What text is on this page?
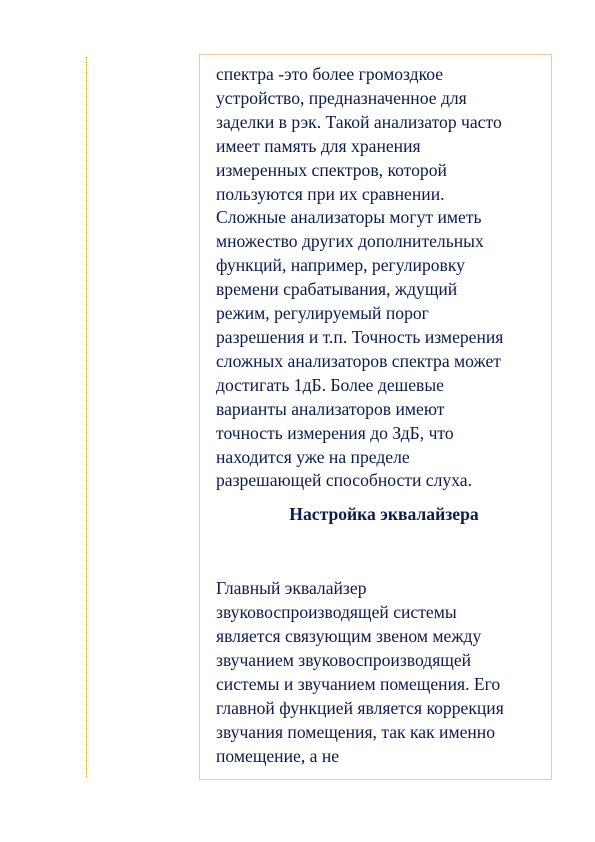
спектра -это более громоздкое

устройство, предназначенное для

заделки в рэк. Такой анализатор часто

имеет память для хранения

измеренных спектров, которой

пользуются при их сравнении.

Сложные анализаторы могут иметь

множество других дополнительных

функций, например, регулировку

времени срабатывания, ждущий

режим, регулируемый порог

разрешения и т.п. Точность измерения

сложных анализаторов спектра может

достигать 1дБ. Более дешевые

варианты анализаторов имеют

точность измерения до ЗдБ, что

находится уже на пределе

разрешающей способности слуха.

Настройка эквалайзера

Главный эквалайзер

звуковоспроизводящей системы

является связующим звеном между

звучанием звуковоспроизводящей

системы и звучанием помещения. Его

главной функцией является коррекция

звучания помещения, так как именно

помещение, а не
